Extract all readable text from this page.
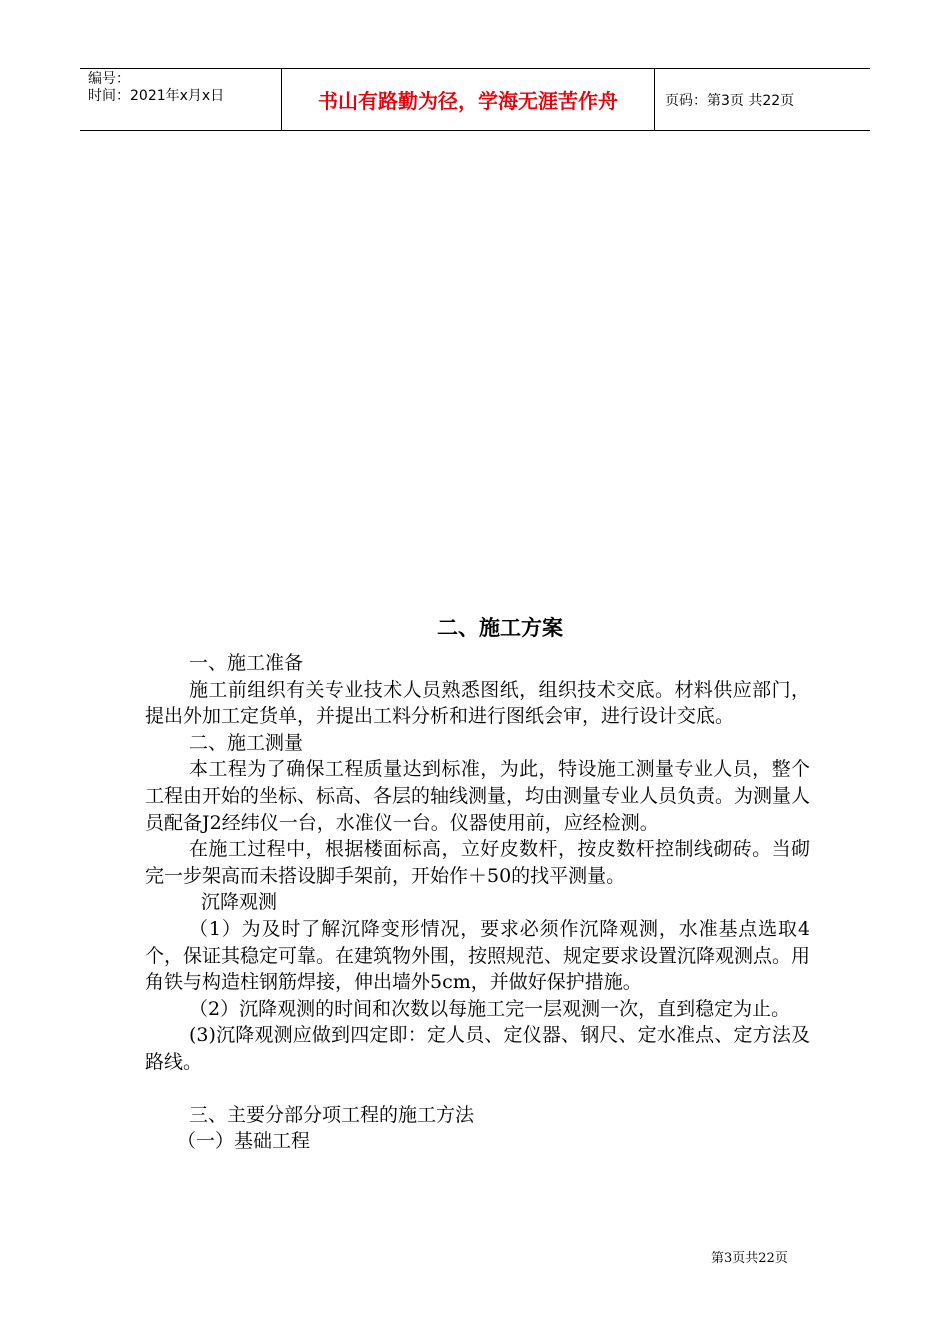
编号：
时间：2021年x月x日	书山有路勤为径，学海无涯苦作舟	页码：第3页 共22页
二、施工方案

一、施工准备

施工前组织有关专业技术人员熟悉图纸，组织技术交底。材料供应部门，提出外加工定货单，并提出工料分析和进行图纸会审，进行设计交底。

二、施工测量

本工程为了确保工程质量达到标准，为此，特设施工测量专业人员，整个工程由开始的坐标、标高、各层的轴线测量，均由测量专业人员负责。为测量人员配备J2经纬仪一台，水准仪一台。仪器使用前，应经检测。

在施工过程中，根据楼面标高，立好皮数杆，按皮数杆控制线砌砖。当砌完一步架高而未搭设脚手架前，开始作＋50的找平测量。

沉降观测

（1）为及时了解沉降变形情况，要求必须作沉降观测，水准基点选取4个，保证其稳定可靠。在建筑物外围，按照规范、规定要求设置沉降观测点。用角铁与构造柱钢筋焊接，伸出墙外5cm，并做好保护措施。

（2）沉降观测的时间和次数以每施工完一层观测一次，直到稳定为止。

(3)沉降观测应做到四定即：定人员、定仪器、钢尺、定水准点、定方法及路线。

三、主要分部分项工程的施工方法

（一）基础工程

第3页共22页
